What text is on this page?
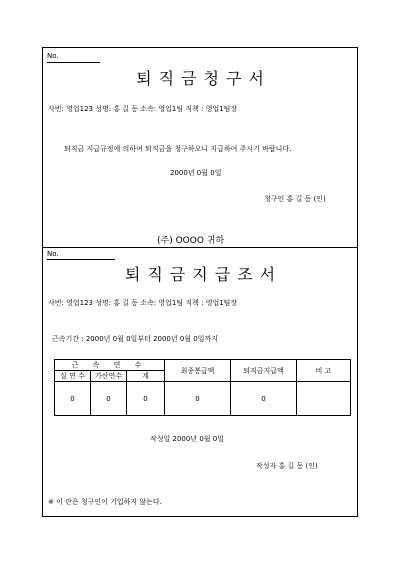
No.
퇴직금청구서
사번: 영업123 성명: 홍 길 동 소속: 영업1팀 직책 : 영업1팀장
퇴직금 지급규정에 의하여 퇴직금을 청구하오니 지급하여 주시기 바랍니다.
2000년 0월 0일
청구인 홍 길 동 (인)
(주) OOOO 귀하
No.
퇴직금지급조서
사번: 영업123 성명: 홍 길 동 소속: 영업1팀 직책 : 영업1팀장
근속기간 : 2000년 0월 0일부터 2000년 0월 0일까지
근 속 연 수			최종봉급액	퇴직금지급액	비 고
실 연 수	가산연수	계			
0	0	0	0	0	
작성일 2000년 0월 0일
작성자 홍 길 동 (인)
※ 이 란은 청구인이 기입하지 않는다.
